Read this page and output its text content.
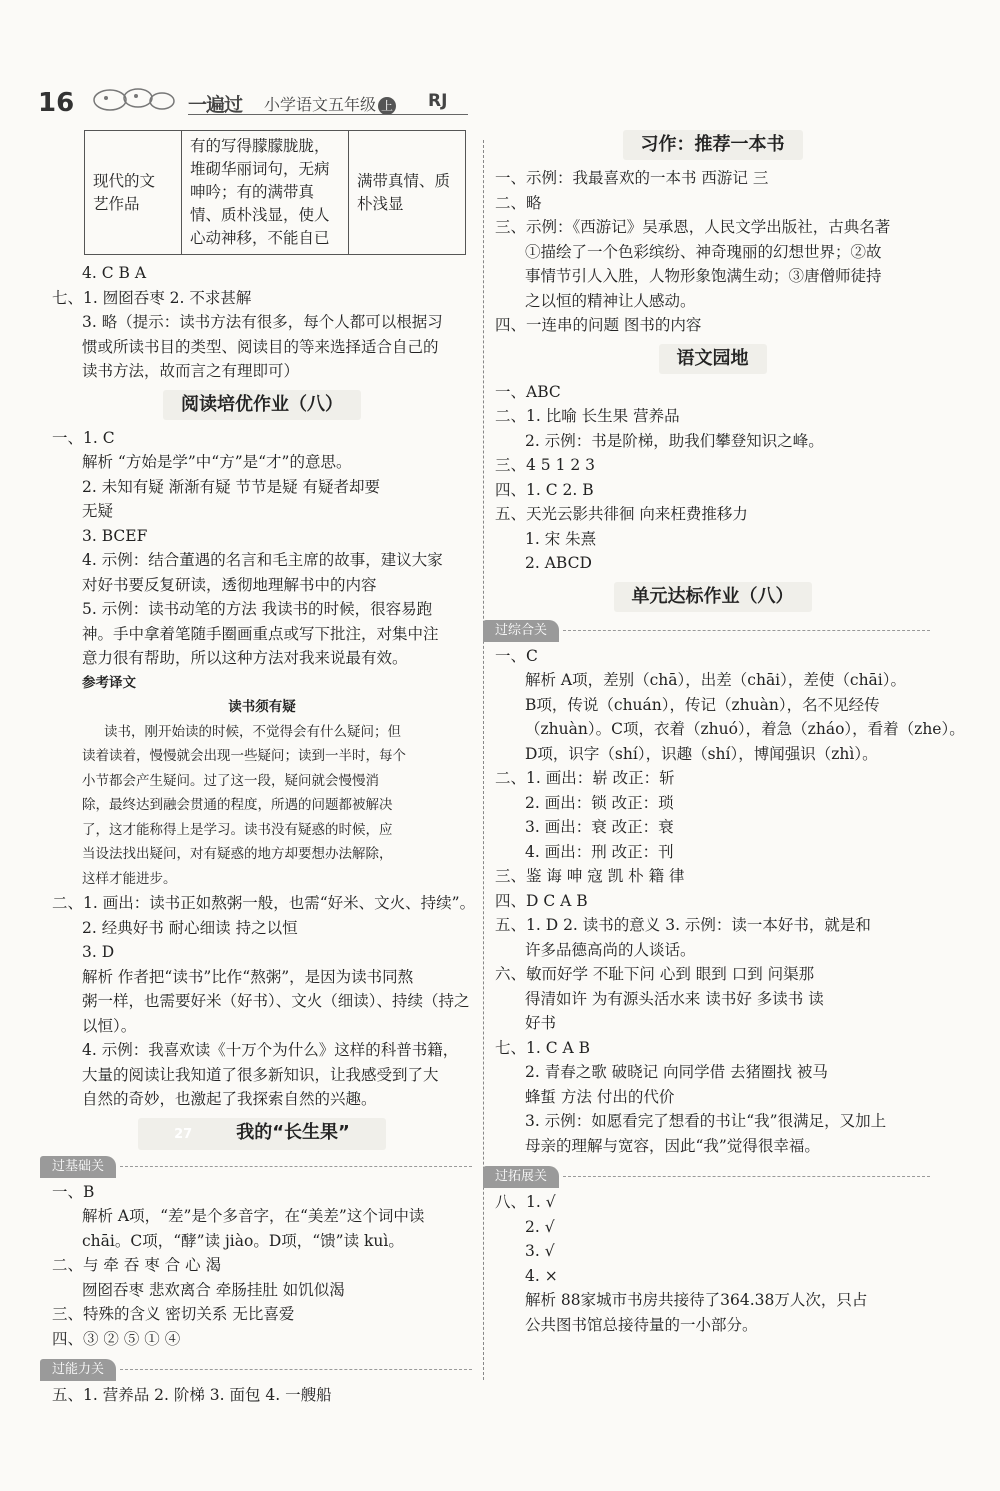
16	一遍过 小学语文五年级 上 RJ
现代的文
艺作品

有的写得朦朦胧胧，
堆砌华丽词句，无病
呻吟；有的满带真
情、质朴浅显，使人
心动神移，不能自已

满带真情、质
朴浅显
4. C B A
七、1. 囫囵吞枣 2. 不求甚解
3. 略（提示：读书方法有很多，每个人都可以根据习
惯或所读书目的类型、阅读目的等来选择适合自己的
读书方法，故而言之有理即可）
阅读培优作业（八）
一、1. C
解析 “方始是学”中“方”是“才”的意思。
2. 未知有疑 渐渐有疑 节节是疑 有疑者却要
无疑
3. BCEF
4. 示例：结合董遇的名言和毛主席的故事，建议大家
对好书要反复研读，透彻地理解书中的内容
5. 示例：读书动笔的方法 我读书的时候，很容易跑
神。手中拿着笔随手圈画重点或写下批注，对集中注
意力很有帮助，所以这种方法对我来说最有效。
参考译文
读书须有疑
读书，刚开始读的时候，不觉得会有什么疑问；但
读着读着，慢慢就会出现一些疑问；读到一半时，每个
小节都会产生疑问。过了这一段，疑问就会慢慢消
除，最终达到融会贯通的程度，所遇的问题都被解决
了，这才能称得上是学习。读书没有疑惑的时候，应
当设法找出疑问，对有疑惑的地方却要想办法解除，
这样才能进步。
二、1. 画出：读书正如熬粥一般，也需“好米、文火、持续”。
2. 经典好书 耐心细读 持之以恒
3. D
解析 作者把“读书”比作“熬粥”，是因为读书同熬
粥一样，也需要好米（好书）、文火（细读）、持续（持之
以恒）。
4. 示例：我喜欢读《十万个为什么》这样的科普书籍，
大量的阅读让我知道了很多新知识，让我感受到了大
自然的奇妙，也激起了我探索自然的兴趣。
27 我的“长生果”
过基础关
一、B
解析 A项，“差”是个多音字，在“美差”这个词中读
chāi。C项，“酵”读 jiào。D项，“馈”读 kuì。
二、与 牵 吞 枣 合 心 渴
囫囵吞枣 悲欢离合 牵肠挂肚 如饥似渴
三、特殊的含义 密切关系 无比喜爱
四、③ ② ⑤ ① ④
过能力关
五、1. 营养品 2. 阶梯 3. 面包 4. 一艘船
习作：推荐一本书
一、示例：我最喜欢的一本书 西游记 三
二、略
三、示例：《西游记》吴承恩，人民文学出版社，古典名著
①描绘了一个色彩缤纷、神奇瑰丽的幻想世界；②故
事情节引人入胜，人物形象饱满生动；③唐僧师徒持
之以恒的精神让人感动。
四、一连串的问题 图书的内容
语文园地
一、ABC
二、1. 比喻 长生果 营养品
2. 示例：书是阶梯，助我们攀登知识之峰。
三、4 5 1 2 3
四、1. C 2. B
五、天光云影共徘徊 向来枉费推移力
1. 宋 朱熹
2. ABCD
单元达标作业（八）
过综合关
一、C
解析 A项，差别（chā），出差（chāi），差使（chāi）。
B项，传说（chuán），传记（zhuàn），名不见经传
（zhuàn）。C项，衣着（zhuó），着急（zháo），看着（zhe）。
D项，识字（shí），识趣（shí），博闻强识（zhì）。
二、1. 画出：崭 改正：斩
2. 画出：锁 改正：琐
3. 画出：衰 改正：衰
4. 画出：刑 改正：刊
三、鉴 诲 呻 寇 凯 朴 籍 律
四、D C A B
五、1. D 2. 读书的意义 3. 示例：读一本好书，就是和
许多品德高尚的人谈话。
六、敏而好学 不耻下问 心到 眼到 口到 问渠那
得清如许 为有源头活水来 读书好 多读书 读
好书
七、1. C A B
2. 青春之歌 破晓记 向同学借 去猪圈找 被马
蜂蜇 方法 付出的代价
3. 示例：如愿看完了想看的书让“我”很满足，又加上
母亲的理解与宽容，因此“我”觉得很幸福。
过拓展关
八、1. √
2. √
3. √
4. ×
解析 88家城市书房共接待了364.38万人次，只占
公共图书馆总接待量的一小部分。
